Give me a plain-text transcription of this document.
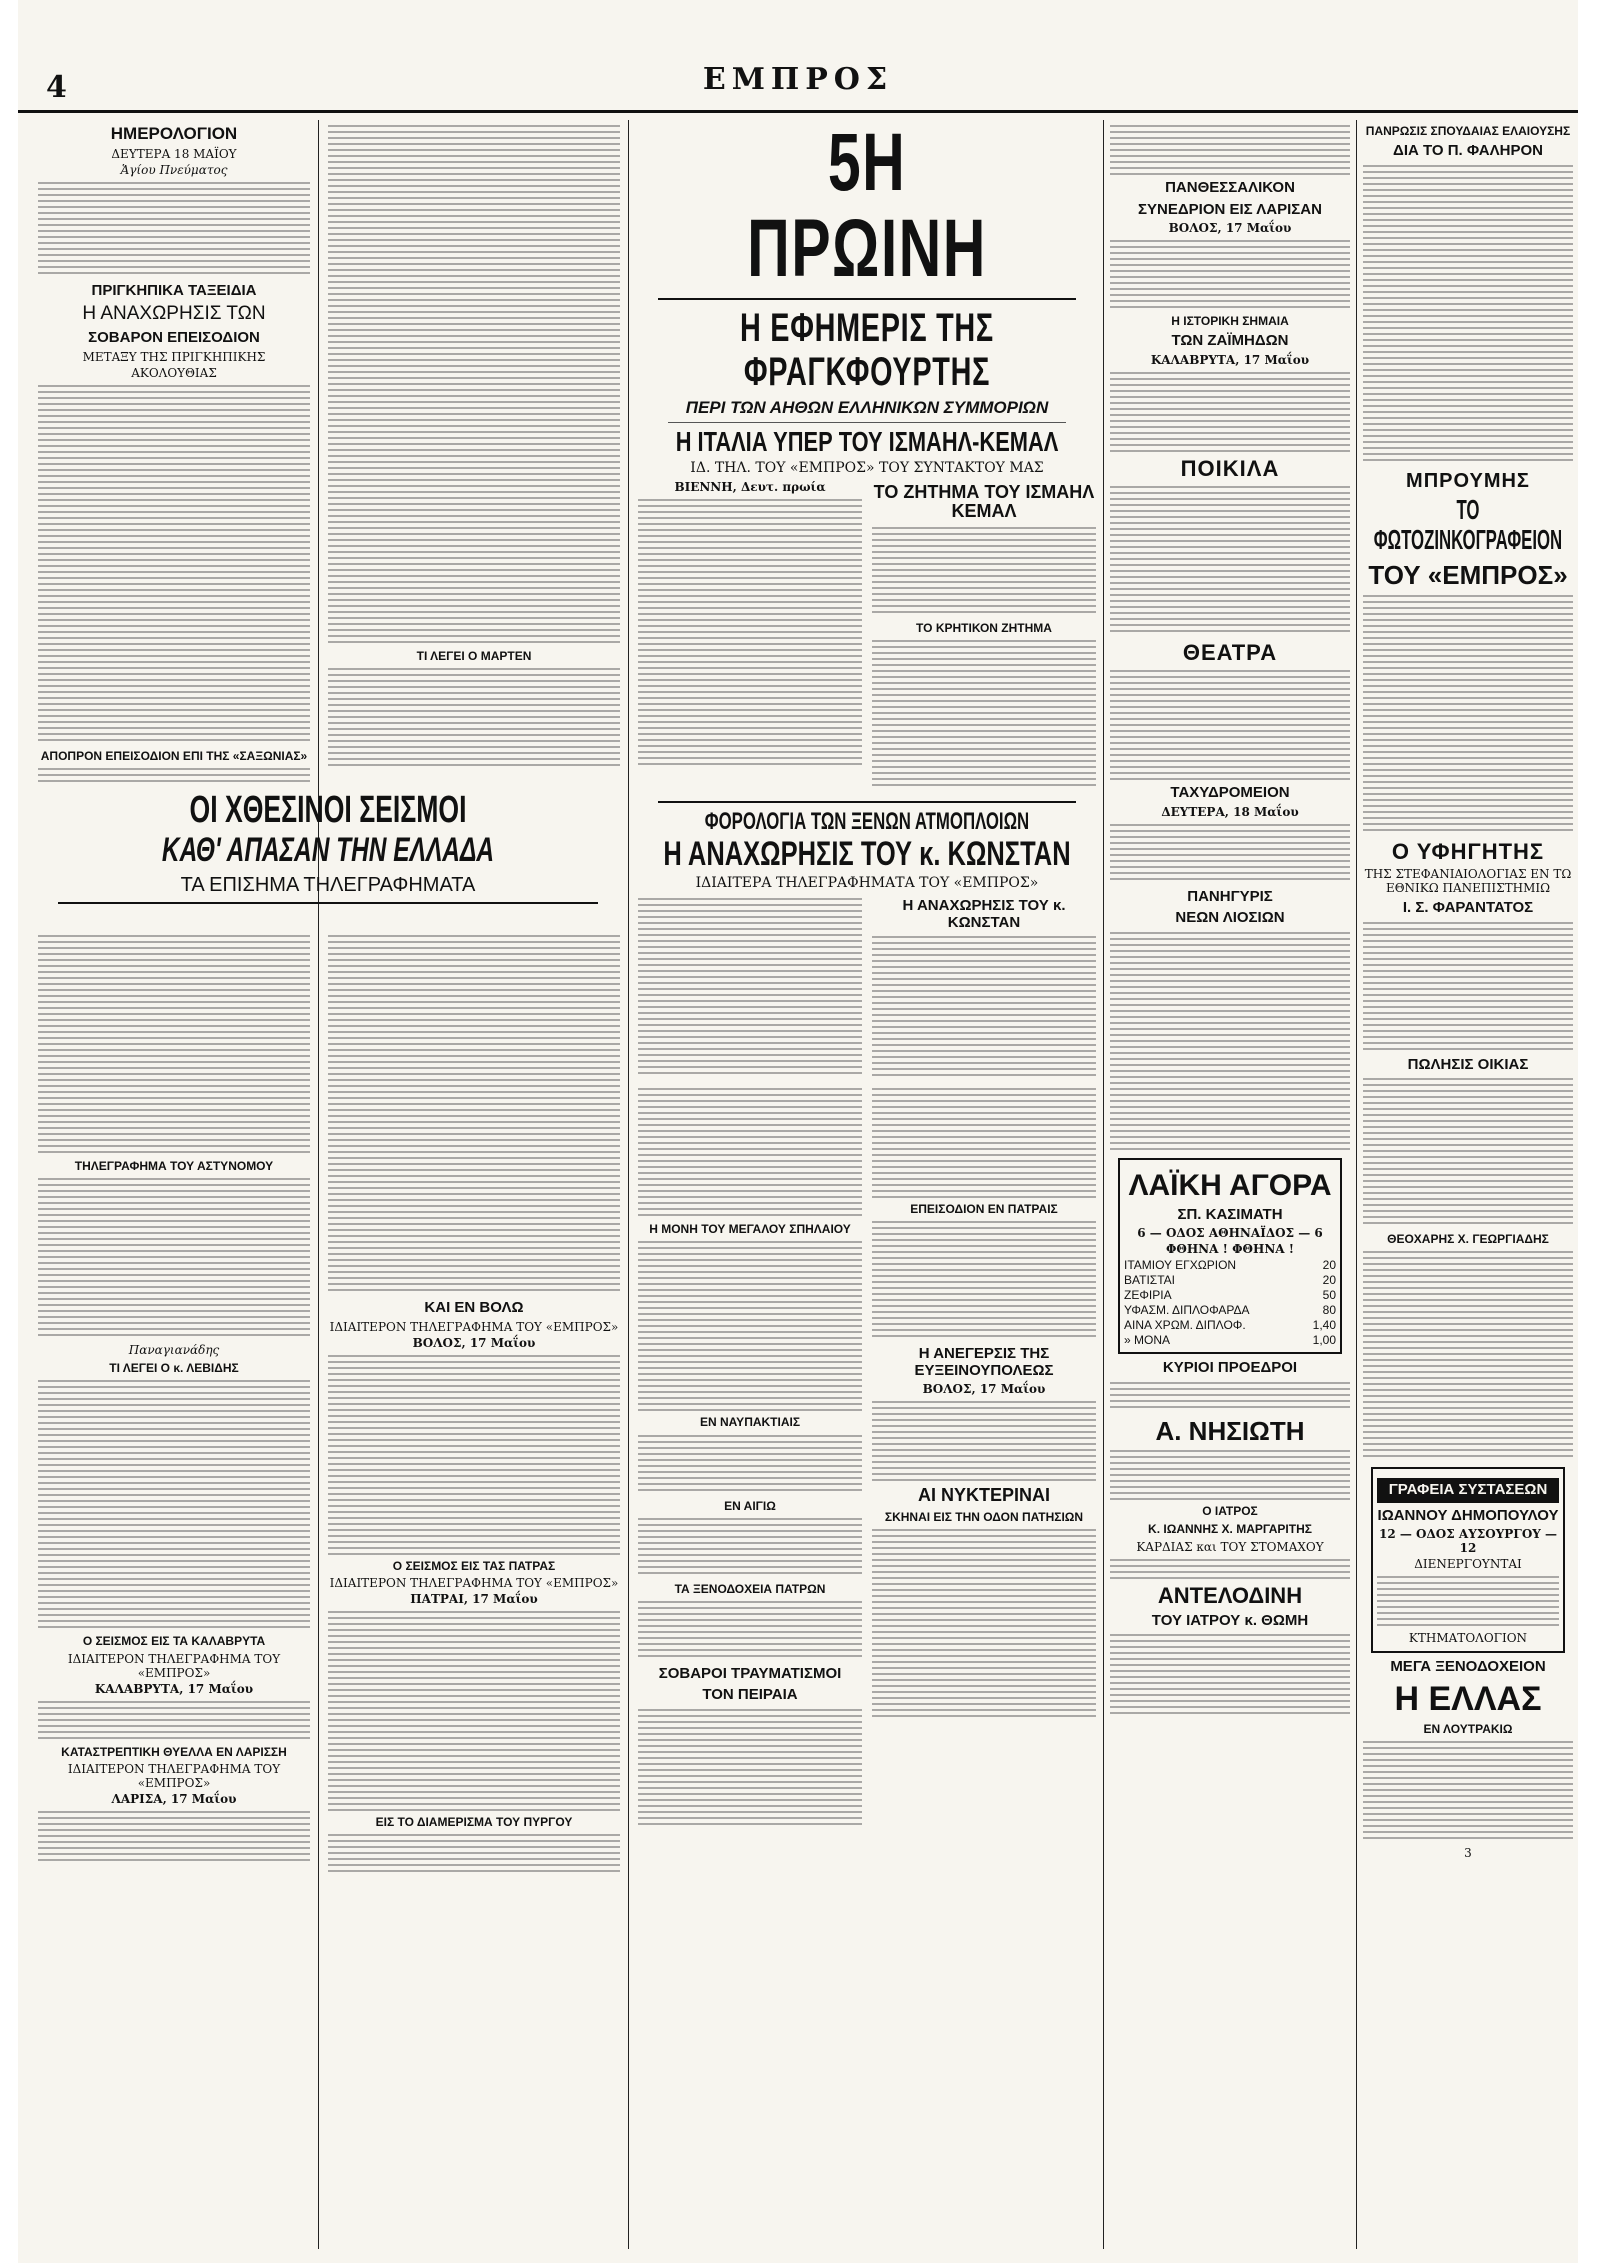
4	ΕΜΠΡΟΣ
ΗΜΕΡΟΛΟΓΙΟΝ
ΔΕΥΤΕΡΑ 18 ΜΑΪΟΥ
Ἁγίου Πνεύματος
ΠΡΙΓΚΗΠΙΚΑ ΤΑΞΕΙΔΙΑ
Η ΑΝΑΧΩΡΗΣΙΣ ΤΩΝ
ΣΟΒΑΡΟΝ ΕΠΕΙΣΟΔΙΟΝ
ΜΕΤΑΞΥ ΤΗΣ ΠΡΙΓΚΗΠΙΚΗΣ
ΑΚΟΛΟΥΘΙΑΣ
ΑΠΟΠΡΟΝ ΕΠΕΙΣΟΔΙΟΝ ΕΠΙ ΤΗΣ «ΣΑΞΩΝΙΑΣ»
ΟΙ ΧΘΕΣΙΝΟΙ ΣΕΙΣΜΟΙ
ΚΑΘ' ΑΠΑΣΑΝ ΤΗΝ ΕΛΛΑΔΑ
ΤΑ ΕΠΙΣΗΜΑ ΤΗΛΕΓΡΑΦΗΜΑΤΑ
ΤΗΛΕΓΡΑΦΗΜΑ ΤΟΥ ΑΣΤΥΝΟΜΟΥ
Παναγιανάδης
ΤΙ ΛΕΓΕΙ Ο κ. ΛΕΒΙΔΗΣ
Ο ΣΕΙΣΜΟΣ ΕΙΣ ΤΑ ΚΑΛΑΒΡΥΤΑ
ΙΔΙΑΙΤΕΡΟΝ ΤΗΛΕΓΡΑΦΗΜΑ ΤΟΥ «ΕΜΠΡΟΣ»
ΚΑΛΑΒΡΥΤΑ, 17 Μαΐου
ΚΑΤΑΣΤΡΕΠΤΙΚΗ ΘΥΕΛΛΑ ΕΝ ΛΑΡΙΣΣΗ
ΙΔΙΑΙΤΕΡΟΝ ΤΗΛΕΓΡΑΦΗΜΑ ΤΟΥ «ΕΜΠΡΟΣ»
ΛΑΡΙΣΑ, 17 Μαΐου
ΤΙ ΛΕΓΕΙ Ο ΜΑΡΤΕΝ
ΚΑΙ ΕΝ ΒΟΛΩ
ΙΔΙΑΙΤΕΡΟΝ ΤΗΛΕΓΡΑΦΗΜΑ ΤΟΥ «ΕΜΠΡΟΣ»
ΒΟΛΟΣ, 17 Μαΐου
Ο ΣΕΙΣΜΟΣ ΕΙΣ ΤΑΣ ΠΑΤΡΑΣ
ΙΔΙΑΙΤΕΡΟΝ ΤΗΛΕΓΡΑΦΗΜΑ ΤΟΥ «ΕΜΠΡΟΣ»
ΠΑΤΡΑΙ, 17 Μαΐου
ΕΙΣ ΤΟ ΔΙΑΜΕΡΙΣΜΑ ΤΟΥ ΠΥΡΓΟΥ
5Η ΠΡΩΙΝΗ
Η ΕΦΗΜΕΡΙΣ ΤΗΣ ΦΡΑΓΚΦΟΥΡΤΗΣ
ΠΕΡΙ ΤΩΝ ΑΗΘΩΝ ΕΛΛΗΝΙΚΩΝ ΣΥΜΜΟΡΙΩΝ
Η ΙΤΑΛΙΑ ΥΠΕΡ ΤΟΥ ΙΣΜΑΗΛ-ΚΕΜΑΛ
ΙΔ. ΤΗΛ. ΤΟΥ «ΕΜΠΡΟΣ» ΤΟΥ ΣΥΝΤΑΚΤΟΥ ΜΑΣ
ΒΙΕΝΝΗ, Δευτ. πρωία	ΤΟ ΖΗΤΗΜΑ ΤΟΥ ΙΣΜΑΗΛ ΚΕΜΑΛ
ΤΟ ΚΡΗΤΙΚΟΝ ΖΗΤΗΜΑ
ΦΟΡΟΛΟΓΙΑ ΤΩΝ ΞΕΝΩΝ ΑΤΜΟΠΛΟΙΩΝ
Η ΑΝΑΧΩΡΗΣΙΣ ΤΟΥ κ. ΚΩΝΣΤΑΝ
ΙΔΙΑΙΤΕΡΑ ΤΗΛΕΓΡΑΦΗΜΑΤΑ ΤΟΥ «ΕΜΠΡΟΣ»
Η ΑΝΑΧΩΡΗΣΙΣ ΤΟΥ κ. ΚΩΝΣΤΑΝ
Η ΜΟΝΗ ΤΟΥ ΜΕΓΑΛΟΥ ΣΠΗΛΑΙΟΥ
ΕΝ ΝΑΥΠΑΚΤΙΑΙΣ
ΕΝ ΑΙΓΙΩ
ΤΑ ΞΕΝΟΔΟΧΕΙΑ ΠΑΤΡΩΝ
ΣΟΒΑΡΟΙ ΤΡΑΥΜΑΤΙΣΜΟΙ
ΤΟΝ ΠΕΙΡΑΙΑ
ΕΠΕΙΣΟΔΙΟΝ ΕΝ ΠΑΤΡΑΙΣ
Η ΑΝΕΓΕΡΣΙΣ ΤΗΣ ΕΥΞΕΙΝΟΥΠΟΛΕΩΣ
ΒΟΛΟΣ, 17 Μαΐου
ΑΙ ΝΥΚΤΕΡΙΝΑΙ
ΣΚΗΝΑΙ ΕΙΣ ΤΗΝ ΟΔΟΝ ΠΑΤΗΣΙΩΝ
ΠΑΝΘΕΣΣΑΛΙΚΟΝ
ΣΥΝΕΔΡΙΟΝ ΕΙΣ ΛΑΡΙΣΑΝ
ΒΟΛΟΣ, 17 Μαΐου
Η ΙΣΤΟΡΙΚΗ ΣΗΜΑΙΑ
ΤΩΝ ΖΑΪΜΗΔΩΝ
ΚΑΛΑΒΡΥΤΑ, 17 Μαΐου
ΠΟΙΚΙΛΑ
ΘΕΑΤΡΑ
ΤΑΧΥΔΡΟΜΕΙΟΝ
ΔΕΥΤΕΡΑ, 18 Μαΐου
ΠΑΝΗΓΥΡΙΣ
ΝΕΩΝ ΛΙΟΣΙΩΝ
ΛΑΪΚΗ ΑΓΟΡΑ
ΣΠ. ΚΑΣΙΜΑΤΗ
6 — ΟΔΟΣ ΑΘΗΝΑΪΔΟΣ — 6
ΦΘΗΝΑ ! ΦΘΗΝΑ !
ΙΤΑΜΙΟΥ ΕΓΧΩΡΙΟΝ	20
ΒΑΤΙΣΤΑΙ	20
ΖΕΦΙΡΙΑ	50
ΥΦΑΣΜ. ΔΙΠΛΟΦΑΡΔΑ	80
ΑΙΝΑ ΧΡΩΜ. ΔΙΠΛΟΦ.	1,40
» ΜΟΝΑ	1,00
ΚΥΡΙΟΙ ΠΡΟΕΔΡΟΙ
Α. ΝΗΣΙΩΤΗ
Ο ΙΑΤΡΟΣ
Κ. ΙΩΑΝΝΗΣ Χ. ΜΑΡΓΑΡΙΤΗΣ
ΚΑΡΔΙΑΣ και ΤΟΥ ΣΤΟΜΑΧΟΥ
ΑΝΤΕΛΟΔΙΝΗ
ΤΟΥ ΙΑΤΡΟΥ κ. ΘΩΜΗ
ΠΑΝΡΩΣΙΣ ΣΠΟΥΔΑΙΑΣ ΕΛΑΙΟΥΣΗΣ
ΔΙΑ ΤΟ Π. ΦΑΛΗΡΟΝ
ΜΠΡΟΥΜΗΣ
ΤΟ ΦΩΤΟΖΙΝΚΟΓΡΑΦΕΙΟΝ
ΤΟΥ «ΕΜΠΡΟΣ»
Ο ΥΦΗΓΗΤΗΣ
ΤΗΣ ΣΤΕΦΑΝΙΑΙΟΛΟΓΙΑΣ ΕΝ ΤΩ ΕΘΝΙΚΩ ΠΑΝΕΠΙΣΤΗΜΙΩ
Ι. Σ. ΦΑΡΑΝΤΑΤΟΣ
ΠΩΛΗΣΙΣ ΟΙΚΙΑΣ
ΘΕΟΧΑΡΗΣ Χ. ΓΕΩΡΓΙΑΔΗΣ
ΓΡΑΦΕΙΑ ΣΥΣΤΑΣΕΩΝ
ΙΩΑΝΝΟΥ ΔΗΜΟΠΟΥΛΟΥ
12 — ΟΔΟΣ ΑΥΣΟΥΡΓΟΥ — 12
ΔΙΕΝΕΡΓΟΥΝΤΑΙ
ΚΤΗΜΑΤΟΛΟΓΙΟΝ
ΜΕΓΑ ΞΕΝΟΔΟΧΕΙΟΝ
Η ΕΛΛΑΣ
ΕΝ ΛΟΥΤΡΑΚΙΩ
3
